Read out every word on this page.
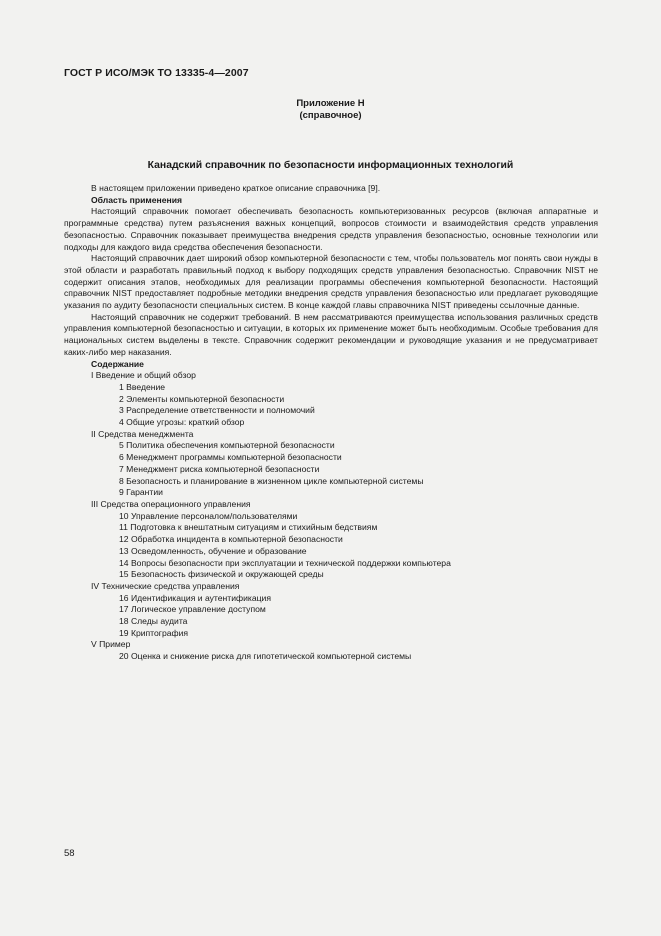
ГОСТ Р ИСО/МЭК ТО 13335-4—2007
Приложение Н
(справочное)
Канадский справочник по безопасности информационных технологий

В настоящем приложении приведено краткое описание справочника [9].

Область применения

Настоящий справочник помогает обеспечивать безопасность компьютеризованных ресурсов (включая аппаратные и программные средства) путем разъяснения важных концепций, вопросов стоимости и взаимодействия средств управления безопасностью. Справочник показывает преимущества внедрения средств управления безопасностью, основные технологии или подходы для каждого вида средства обеспечения безопасности.

Настоящий справочник дает широкий обзор компьютерной безопасности с тем, чтобы пользователь мог понять свои нужды в этой области и разработать правильный подход к выбору подходящих средств управления безопасностью. Справочник NIST не содержит описания этапов, необходимых для реализации программы обеспечения компьютерной безопасности. Настоящий справочник NIST предоставляет подробные методики внедрения средств управления безопасностью или предлагает руководящие указания по аудиту безопасности специальных систем. В конце каждой главы справочника NIST приведены ссылочные данные.

Настоящий справочник не содержит требований. В нем рассматриваются преимущества использования различных средств управления компьютерной безопасностью и ситуации, в которых их применение может быть необходимым. Особые требования для национальных систем выделены в тексте. Справочник содержит рекомендации и руководящие указания и не предусматривает каких-либо мер наказания.

Содержание
I Введение и общий обзор
1 Введение
2 Элементы компьютерной безопасности
3 Распределение ответственности и полномочий
4 Общие угрозы: краткий обзор
II Средства менеджмента
5 Политика обеспечения компьютерной безопасности
6 Менеджмент программы компьютерной безопасности
7 Менеджмент риска компьютерной безопасности
8 Безопасность и планирование в жизненном цикле компьютерной системы
9 Гарантии
III Средства операционного управления
10 Управление персоналом/пользователями
11 Подготовка к внештатным ситуациям и стихийным бедствиям
12 Обработка инцидента в компьютерной безопасности
13 Осведомленность, обучение и образование
14 Вопросы безопасности при эксплуатации и технической поддержки компьютера
15 Безопасность физической и окружающей среды
IV Технические средства управления
16 Идентификация и аутентификация
17 Логическое управление доступом
18 Следы аудита
19 Криптография
V Пример
20 Оценка и снижение риска для гипотетической компьютерной системы
58
